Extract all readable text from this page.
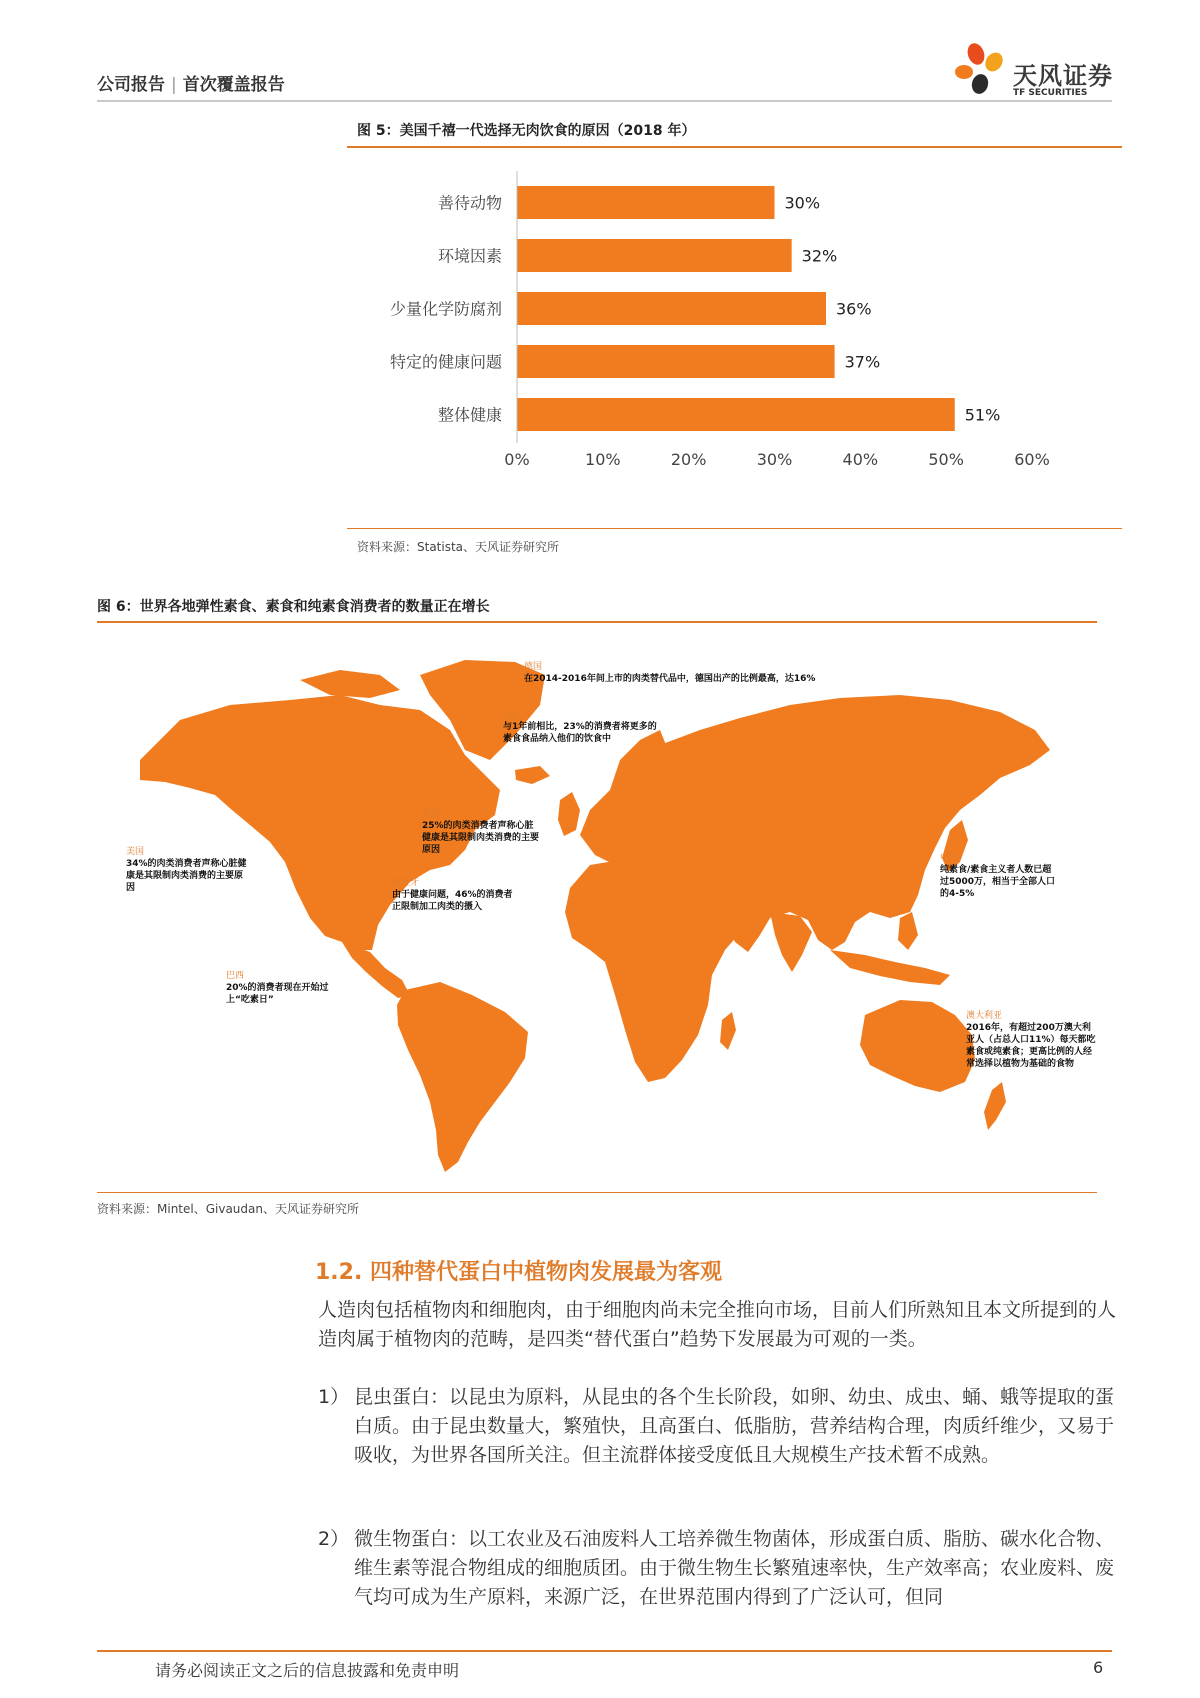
公司报告 | 首次覆盖报告	天风证券
TF SECURITIES
图 5：美国千禧一代选择无肉饮食的原因（2018 年）
善待动物	30%
环境因素	32%
少量化学防腐剂	36%
特定的健康问题	37%
整体健康	51%
0%	10%	20%	30%	40%	50%	60%
资料来源：Statista、天风证券研究所
图 6：世界各地弹性素食、素食和纯素食消费者的数量正在增长
德国
在2014-2016年间上市的肉类替代品中，德国出产的比例最高，达16%
法国
与1年前相比，23%的消费者将更多的素食食品纳入他们的饮食中
英国
25%的肉类消费者声称心脏健康是其限制肉类消费的主要原因
美国
34%的肉类消费者声称心脏健康是其限制肉类消费的主要原因	西班牙
由于健康问题，46%的消费者正限制加工肉类的摄入
中国
纯素食/素食主义者人数已超过5000万，相当于全部人口的4-5%
巴西
20%的消费者现在开始过上“吃素日”
澳大利亚
2016年，有超过200万澳大利亚人（占总人口11%）每天都吃素食或纯素食；更高比例的人经常选择以植物为基础的食物
资料来源：Mintel、Givaudan、天风证券研究所
1.2. 四种替代蛋白中植物肉发展最为客观
人造肉包括植物肉和细胞肉，由于细胞肉尚未完全推向市场，目前人们所熟知且本文所提到的人造肉属于植物肉的范畴，是四类“替代蛋白”趋势下发展最为可观的一类。
1） 昆虫蛋白：以昆虫为原料，从昆虫的各个生长阶段，如卵、幼虫、成虫、蛹、蛾等提取的蛋白质。由于昆虫数量大，繁殖快，且高蛋白、低脂肪，营养结构合理，肉质纤维少，又易于吸收，为世界各国所关注。但主流群体接受度低且大规模生产技术暂不成熟。
2） 微生物蛋白：以工农业及石油废料人工培养微生物菌体，形成蛋白质、脂肪、碳水化合物、维生素等混合物组成的细胞质团。由于微生物生长繁殖速率快，生产效率高；农业废料、废气均可成为生产原料，来源广泛，在世界范围内得到了广泛认可，但同
请务必阅读正文之后的信息披露和免责申明	6
